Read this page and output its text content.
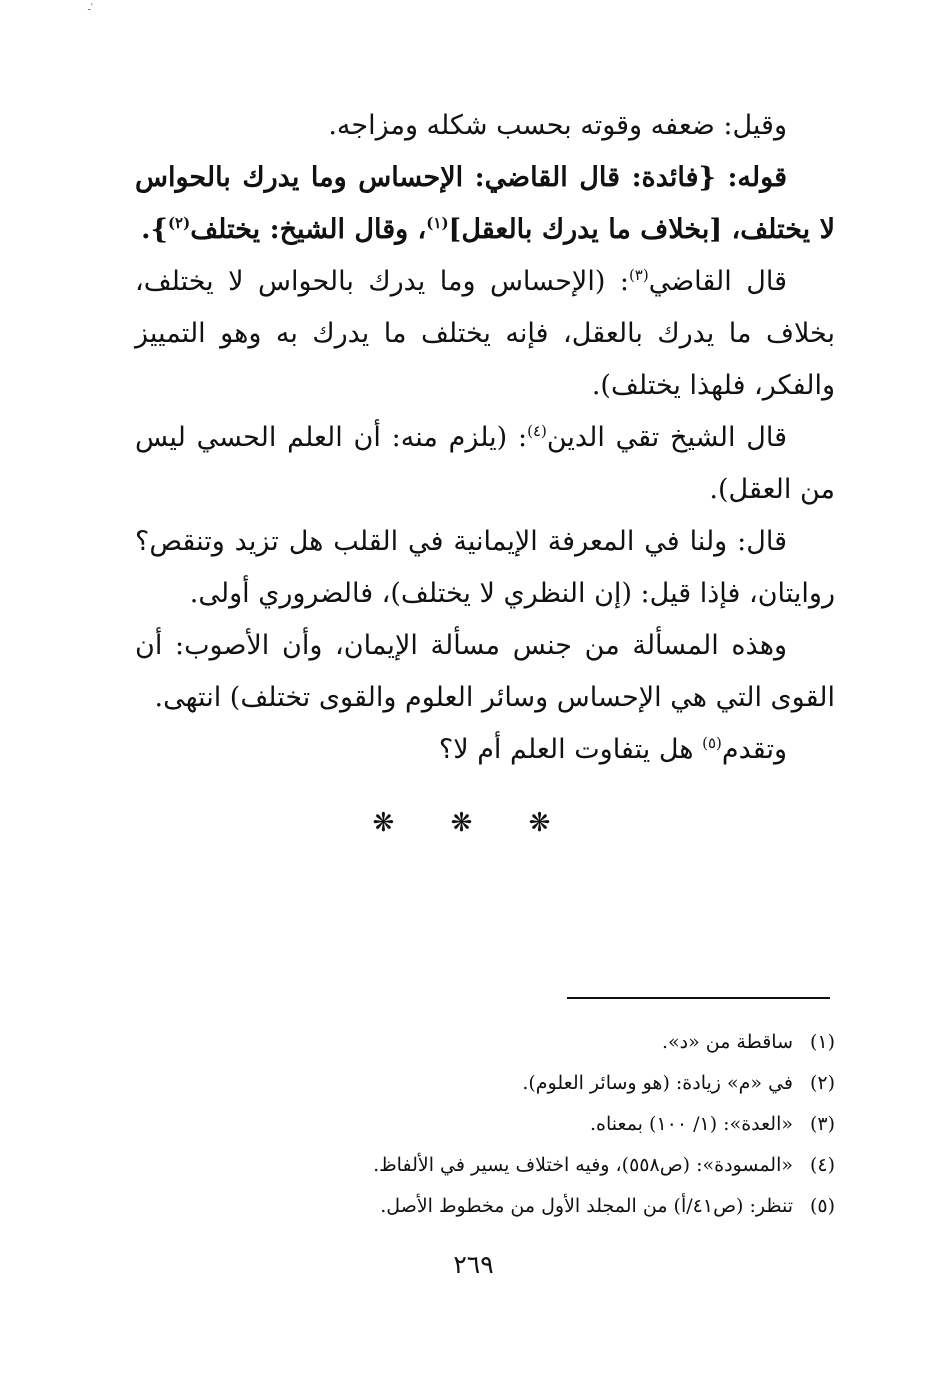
ـ'

وقيل: ضعفه وقوته بحسب شكله ومزاجه.

قوله: {فائدة: قال القاضي: الإحساس وما يدرك بالحواس لا يختلف، [بخلاف ما يدرك بالعقل]$^{(١)}$، وقال الشيخ: يختلف$^{(٢)}$}.

قال القاضي$^{(٣)}$: (الإحساس وما يدرك بالحواس لا يختلف، بخلاف ما يدرك بالعقل، فإنه يختلف ما يدرك به وهو التمييز والفكر، فلهذا يختلف).

قال الشيخ تقي الدين$^{(٤)}$: (يلزم منه: أن العلم الحسي ليس من العقل).

قال: ولنا في المعرفة الإيمانية في القلب هل تزيد وتنقص؟ روايتان، فإذا قيل: (إن النظري لا يختلف)، فالضروري أولى.

وهذه المسألة من جنس مسألة الإيمان، وأن الأصوب: أن القوى التي هي الإحساس وسائر العلوم والقوى تختلف) انتهى.

وتقدم$^{(٥)}$ هل يتفاوت العلم أم لا؟

❋ ❋ ❋

(١)ساقطة من «د».

(٢)في «م» زيادة: (هو وسائر العلوم).

(٣)«العدة»: (١/ ١٠٠) بمعناه.

(٤)«المسودة»: (ص٥٥٨)، وفيه اختلاف يسير في الألفاظ.

(٥)تنظر: (ص٤١/أ) من المجلد الأول من مخطوط الأصل.

٢٦٩
